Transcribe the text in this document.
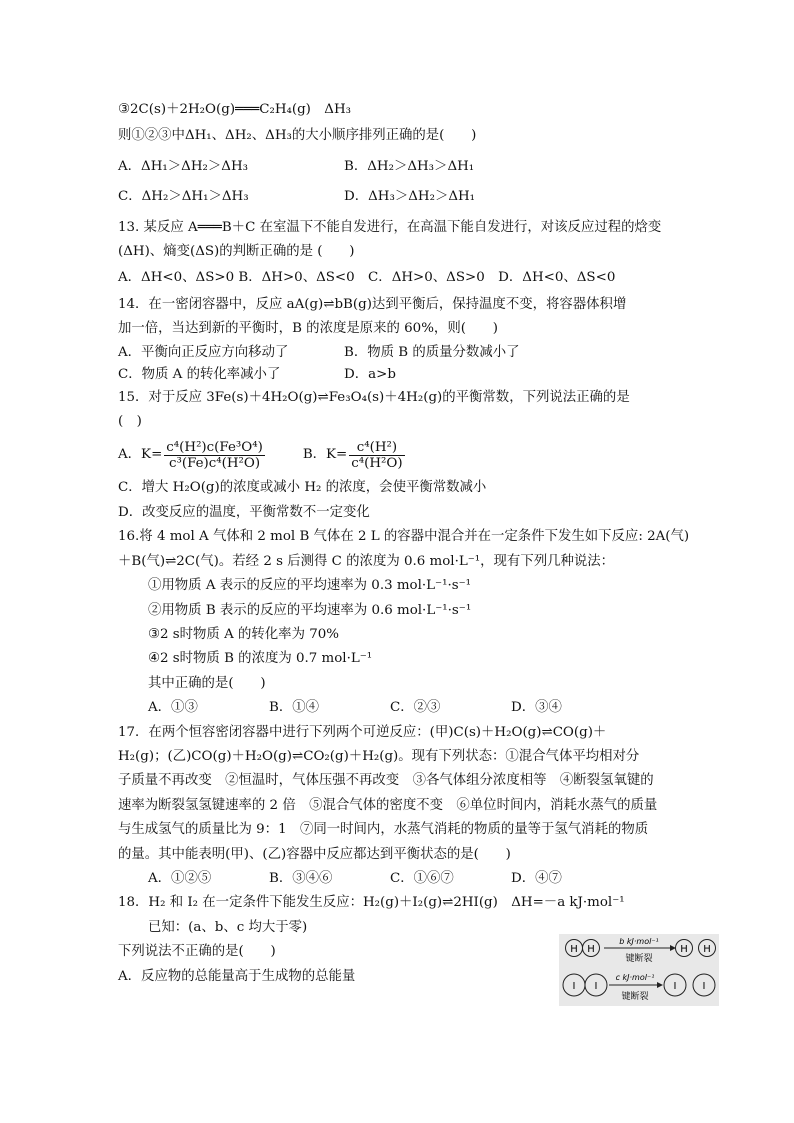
③2C(s)＋2H₂O(g)═══C₂H₄(g)　ΔH₃
则①②③中ΔH₁、ΔH₂、ΔH₃的大小顺序排列正确的是(　　)
A．ΔH₁＞ΔH₂＞ΔH₃	B．ΔH₂＞ΔH₃＞ΔH₁
C．ΔH₂＞ΔH₁＞ΔH₃	D．ΔH₃＞ΔH₂＞ΔH₁
13. 某反应 A═══B＋C 在室温下不能自发进行，在高温下能自发进行，对该反应过程的焓变
(ΔH)、熵变(ΔS)的判断正确的是 (　　)
A．ΔH<0、ΔS>0 B．ΔH>0、ΔS<0　C．ΔH>0、ΔS>0　D．ΔH<0、ΔS<0
14．在一密闭容器中，反应 aA(g)⇌bB(g)达到平衡后，保持温度不变，将容器体积增
加一倍，当达到新的平衡时，B 的浓度是原来的 60%，则(　　)
A．平衡向正反应方向移动了	B．物质 B 的质量分数减小了
C．物质 A 的转化率减小了	D．a>b
15．对于反应 3Fe(s)＋4H₂O(g)⇌Fe₃O₄(s)＋4H₂(g)的平衡常数，下列说法正确的是
(　)
A．$K= \frac{\text{c⁴(H²)c(Fe³O⁴)}}{\text{c³(Fe)c⁴(H²O)}}$	B．$K= \frac{\text{c⁴(H²)}}{\text{c⁴(H²O)}}$
C．增大 H₂O(g)的浓度或减小 H₂ 的浓度，会使平衡常数减小
D．改变反应的温度，平衡常数不一定变化
16.将 4 mol A 气体和 2 mol B 气体在 2 L 的容器中混合并在一定条件下发生如下反应: 2A(气)
＋B(气)⇌2C(气)。若经 2 s 后测得 C 的浓度为 0.6 mol·L⁻¹，现有下列几种说法：
①用物质 A 表示的反应的平均速率为 0.3 mol·L⁻¹·s⁻¹
②用物质 B 表示的反应的平均速率为 0.6 mol·L⁻¹·s⁻¹
③2 s时物质 A 的转化率为 70%
④2 s时物质 B 的浓度为 0.7 mol·L⁻¹
其中正确的是(　　)
A．①③	B．①④	C．②③	D．③④
17．在两个恒容密闭容器中进行下列两个可逆反应：(甲)C(s)＋H₂O(g)⇌CO(g)＋
H₂(g)；(乙)CO(g)＋H₂O(g)⇌CO₂(g)＋H₂(g)。现有下列状态：①混合气体平均相对分
子质量不再改变　②恒温时，气体压强不再改变　③各气体组分浓度相等　④断裂氢氧键的
速率为断裂氢氢键速率的 2 倍　⑤混合气体的密度不变　⑥单位时间内，消耗水蒸气的质量
与生成氢气的质量比为 9：1　⑦同一时间内，水蒸气消耗的物质的量等于氢气消耗的物质
的量。其中能表明(甲)、(乙)容器中反应都达到平衡状态的是(　　)
A．①②⑤	B．③④⑥	C．①⑥⑦	D．④⑦
18．H₂ 和 I₂ 在一定条件下能发生反应：H₂(g)＋I₂(g)⇌2HI(g)　ΔH=－a kJ·mol⁻¹
已知：(a、b、c 均大于零)
下列说法不正确的是(　　)
A．反应物的总能量高于生成物的总能量
H H
b kJ·mol⁻¹
键断裂
H H
I I
c kJ·mol⁻¹
键断裂
I	I
